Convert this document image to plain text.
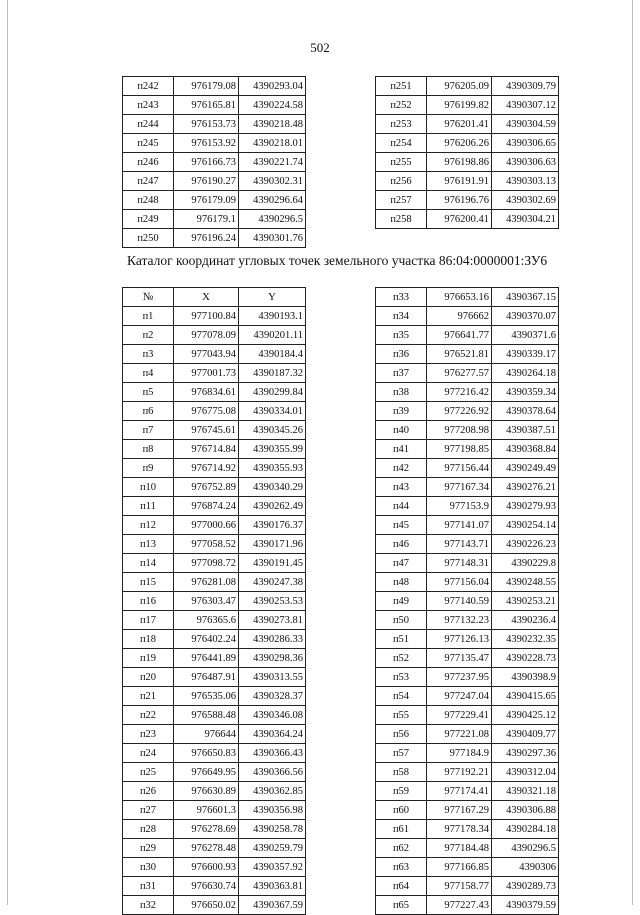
502
п242	976179.08	4390293.04
п243	976165.81	4390224.58
п244	976153.73	4390218.48
п245	976153.92	4390218.01
п246	976166.73	4390221.74
п247	976190.27	4390302.31
п248	976179.09	4390296.64
п249	976179.1	4390296.5
п250	976196.24	4390301.76
п251	976205.09	4390309.79
п252	976199.82	4390307.12
п253	976201.41	4390304.59
п254	976206.26	4390306.65
п255	976198.86	4390306.63
п256	976191.91	4390303.13
п257	976196.76	4390302.69
п258	976200.41	4390304.21
Каталог координат угловых точек земельного участка 86:04:0000001:ЗУ6
№	X	Y
п1	977100.84	4390193.1
п2	977078.09	4390201.11
п3	977043.94	4390184.4
п4	977001.73	4390187.32
п5	976834.61	4390299.84
п6	976775.08	4390334.01
п7	976745.61	4390345.26
п8	976714.84	4390355.99
п9	976714.92	4390355.93
п10	976752.89	4390340.29
п11	976874.24	4390262.49
п12	977000.66	4390176.37
п13	977058.52	4390171.96
п14	977098.72	4390191.45
п15	976281.08	4390247.38
п16	976303.47	4390253.53
п17	976365.6	4390273.81
п18	976402.24	4390286.33
п19	976441.89	4390298.36
п20	976487.91	4390313.55
п21	976535.06	4390328.37
п22	976588.48	4390346.08
п23	976644	4390364.24
п24	976650.83	4390366.43
п25	976649.95	4390366.56
п26	976630.89	4390362.85
п27	976601.3	4390356.98
п28	976278.69	4390258.78
п29	976278.48	4390259.79
п30	976600.93	4390357.92
п31	976630.74	4390363.81
п32	976650.02	4390367.59
п33	976653.16	4390367.15
п34	976662	4390370.07
п35	976641.77	4390371.6
п36	976521.81	4390339.17
п37	976277.57	4390264.18
п38	977216.42	4390359.34
п39	977226.92	4390378.64
п40	977208.98	4390387.51
п41	977198.85	4390368.84
п42	977156.44	4390249.49
п43	977167.34	4390276.21
п44	977153.9	4390279.93
п45	977141.07	4390254.14
п46	977143.71	4390226.23
п47	977148.31	4390229.8
п48	977156.04	4390248.55
п49	977140.59	4390253.21
п50	977132.23	4390236.4
п51	977126.13	4390232.35
п52	977135.47	4390228.73
п53	977237.95	4390398.9
п54	977247.04	4390415.65
п55	977229.41	4390425.12
п56	977221.08	4390409.77
п57	977184.9	4390297.36
п58	977192.21	4390312.04
п59	977174.41	4390321.18
п60	977167.29	4390306.88
п61	977178.34	4390284.18
п62	977184.48	4390296.5
п63	977166.85	4390306
п64	977158.77	4390289.73
п65	977227.43	4390379.59
